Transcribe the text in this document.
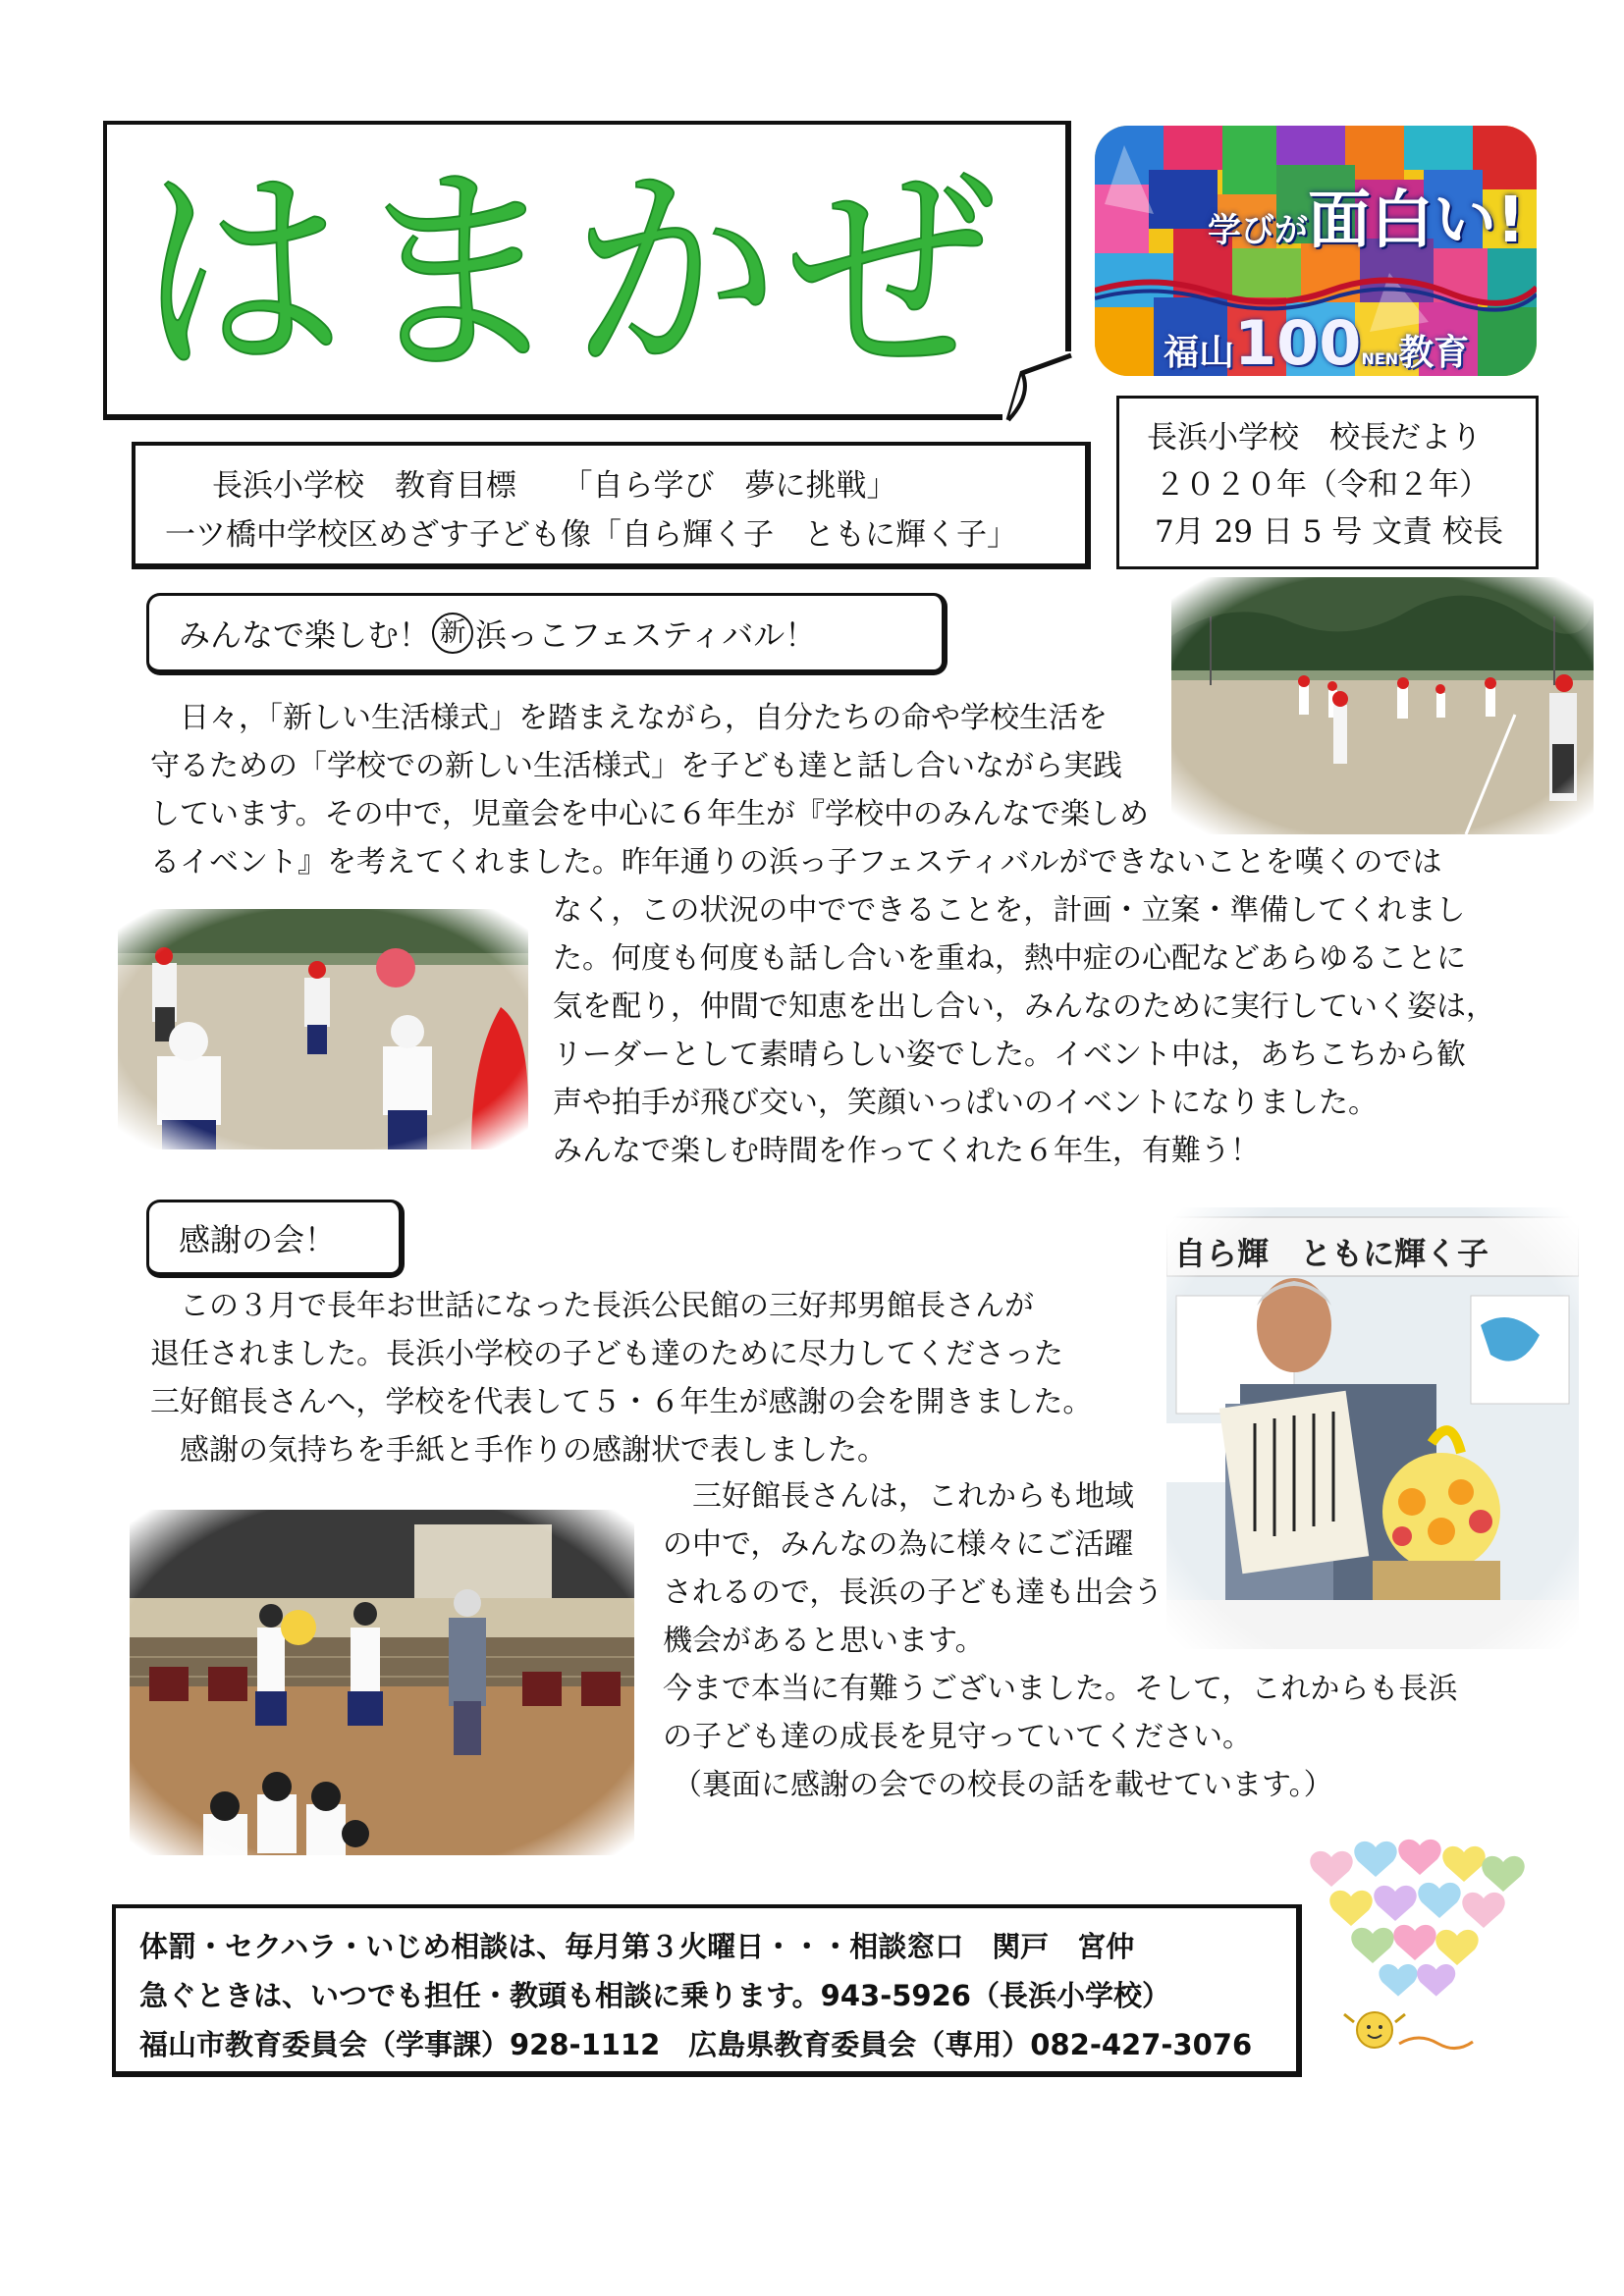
はまかぜ	学びが面白い!
福山100NEN教育
長浜小学校　校長だより
２０２０年（令和２年）
7月 29 日 5 号 文責 校長
長浜小学校　教育目標　　「自ら学び　夢に挑戦」
一ツ橋中学校区めざす子ども像「自ら輝く子　ともに輝く子」
みんなで楽しむ！ 新 浜っこフェスティバル！
　日々，「新しい生活様式」を踏まえながら，自分たちの命や学校生活を
守るための「学校での新しい生活様式」を子ども達と話し合いながら実践
しています。その中で，児童会を中心に６年生が『学校中のみんなで楽しめ
るイベント』を考えてくれました。昨年通りの浜っ子フェスティバルができないことを嘆くのでは
なく，この状況の中でできることを，計画・立案・準備してくれまし
た。何度も何度も話し合いを重ね，熱中症の心配などあらゆることに
気を配り，仲間で知恵を出し合い，みんなのために実行していく姿は，
リーダーとして素晴らしい姿でした。イベント中は，あちこちから歓
声や拍手が飛び交い，笑顔いっぱいのイベントになりました。
みんなで楽しむ時間を作ってくれた６年生，有難う！
感謝の会！	自ら輝　ともに輝く子
　この３月で長年お世話になった長浜公民館の三好邦男館長さんが
退任されました。長浜小学校の子ども達のために尽力してくださった
三好館長さんへ，学校を代表して５・６年生が感謝の会を開きました。
　感謝の気持ちを手紙と手作りの感謝状で表しました。
　三好館長さんは，これからも地域
の中で，みんなの為に様々にご活躍
されるので，長浜の子ども達も出会う
機会があると思います。
今まで本当に有難うございました。そして，これからも長浜
の子ども達の成長を見守っていてください。
（裏面に感謝の会での校長の話を載せています。）
体罰・セクハラ・いじめ相談は、毎月第３火曜日・・・相談窓口　関戸　宮仲
急ぐときは、いつでも担任・教頭も相談に乗ります。943-5926（長浜小学校）
福山市教育委員会（学事課）928-1112　広島県教育委員会（専用）082-427-3076
